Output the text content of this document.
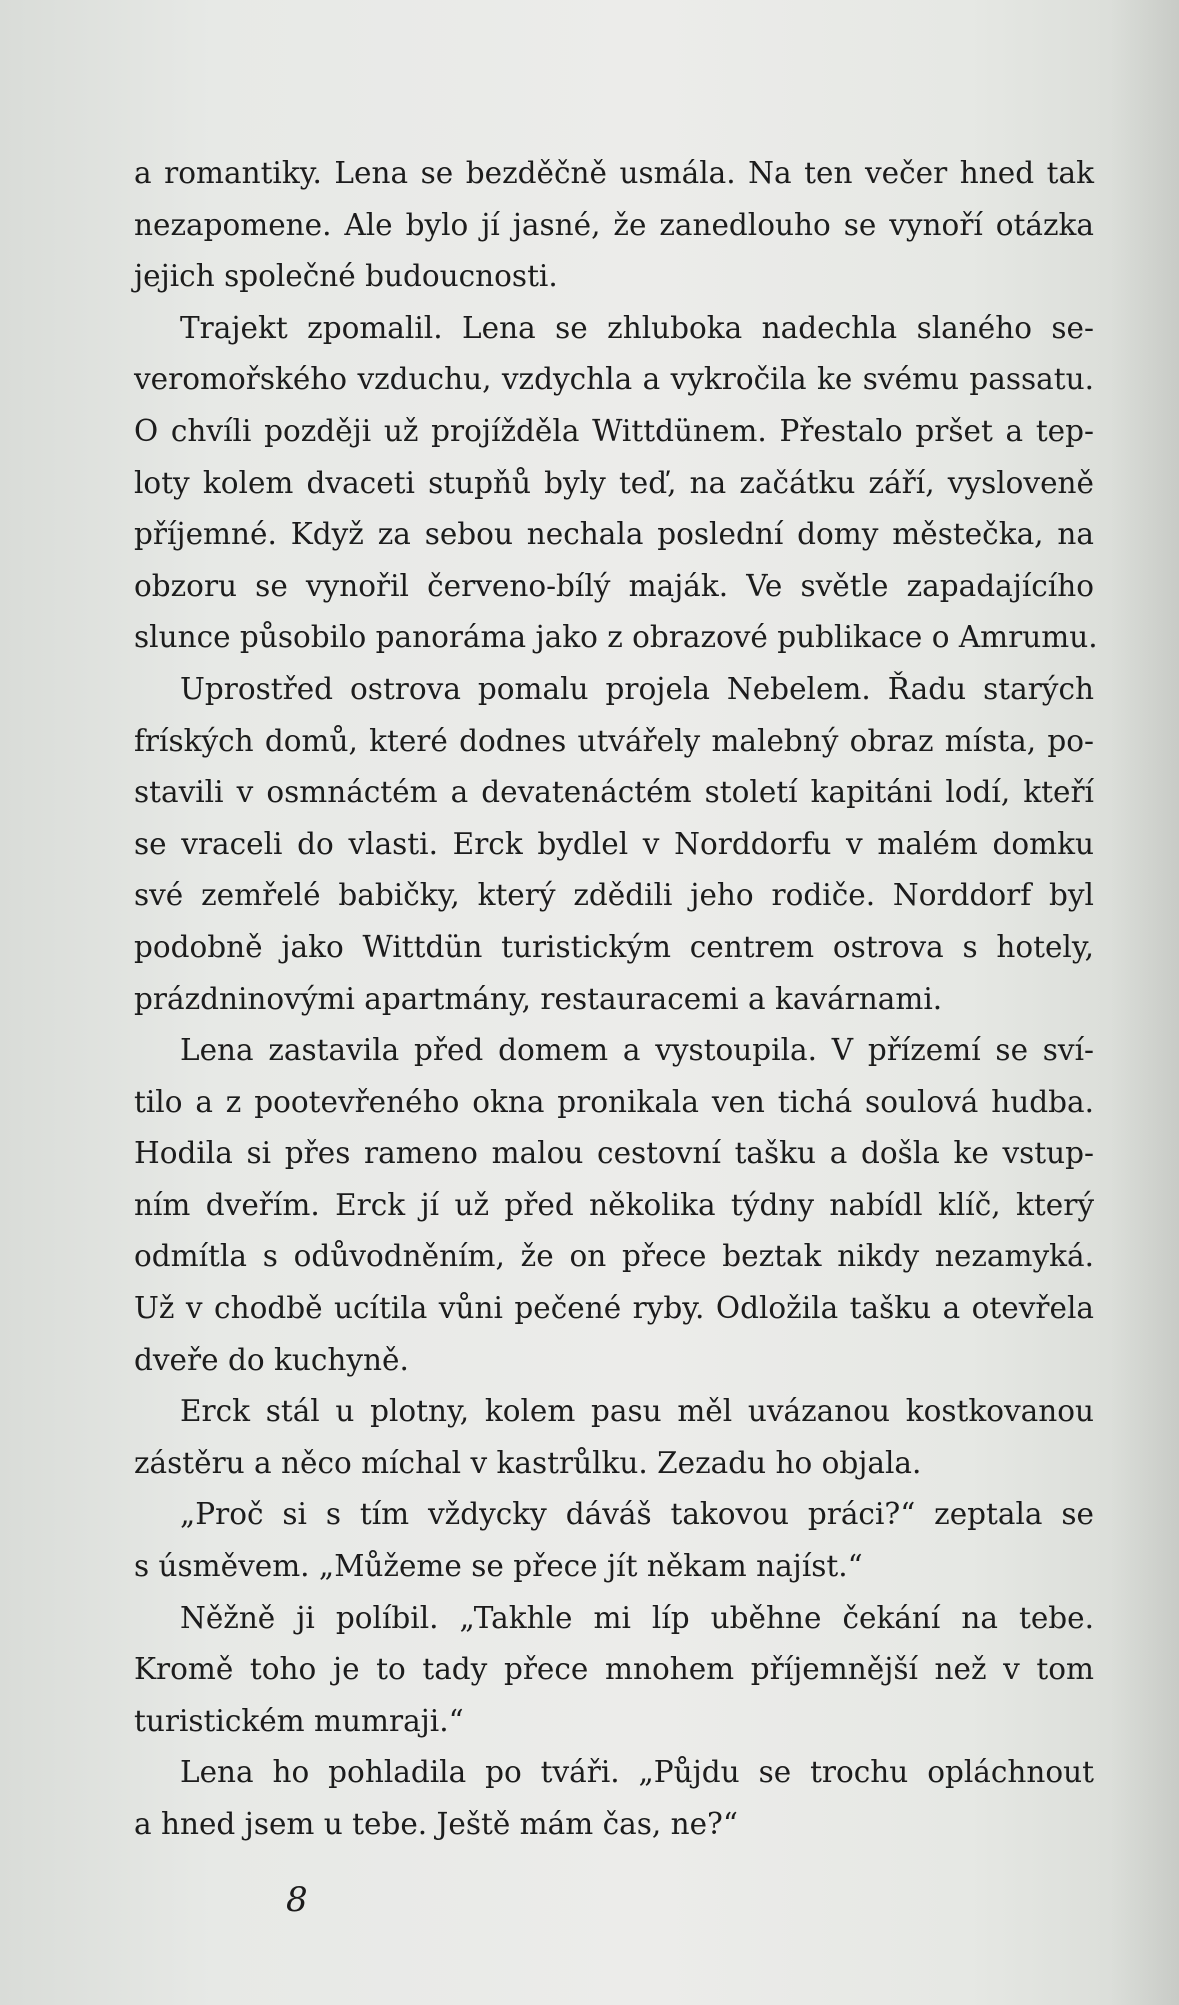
a romantiky. Lena se bezděčně usmála. Na ten večer hned tak
nezapomene. Ale bylo jí jasné, že zanedlouho se vynoří otázka
jejich společné budoucnosti.
Trajekt zpomalil. Lena se zhluboka nadechla slaného se-
veromořského vzduchu, vzdychla a vykročila ke svému passatu.
O chvíli později už projížděla Wittdünem. Přestalo pršet a tep-
loty kolem dvaceti stupňů byly teď, na začátku září, vysloveně
příjemné. Když za sebou nechala poslední domy městečka, na
obzoru se vynořil červeno-bílý maják. Ve světle zapadajícího
slunce působilo panoráma jako z obrazové publikace o Amrumu.
Uprostřed ostrova pomalu projela Nebelem. Řadu starých
fríských domů, které dodnes utvářely malebný obraz místa, po-
stavili v osmnáctém a devatenáctém století kapitáni lodí, kteří
se vraceli do vlasti. Erck bydlel v Norddorfu v malém domku
své zemřelé babičky, který zdědili jeho rodiče. Norddorf byl
podobně jako Wittdün turistickým centrem ostrova s hotely,
prázdninovými apartmány, restauracemi a kavárnami.
Lena zastavila před domem a vystoupila. V přízemí se sví-
tilo a z pootevřeného okna pronikala ven tichá soulová hudba.
Hodila si přes rameno malou cestovní tašku a došla ke vstup-
ním dveřím. Erck jí už před několika týdny nabídl klíč, který
odmítla s odůvodněním, že on přece beztak nikdy nezamyká.
Už v chodbě ucítila vůni pečené ryby. Odložila tašku a otevřela
dveře do kuchyně.
Erck stál u plotny, kolem pasu měl uvázanou kostkovanou
zástěru a něco míchal v kastrůlku. Zezadu ho objala.
„Proč si s tím vždycky dáváš takovou práci?“ zeptala se
s úsměvem. „Můžeme se přece jít někam najíst.“
Něžně ji políbil. „Takhle mi líp uběhne čekání na tebe.
Kromě toho je to tady přece mnohem příjemnější než v tom
turistickém mumraji.“
Lena ho pohladila po tváři. „Půjdu se trochu opláchnout
a hned jsem u tebe. Ještě mám čas, ne?“
8
